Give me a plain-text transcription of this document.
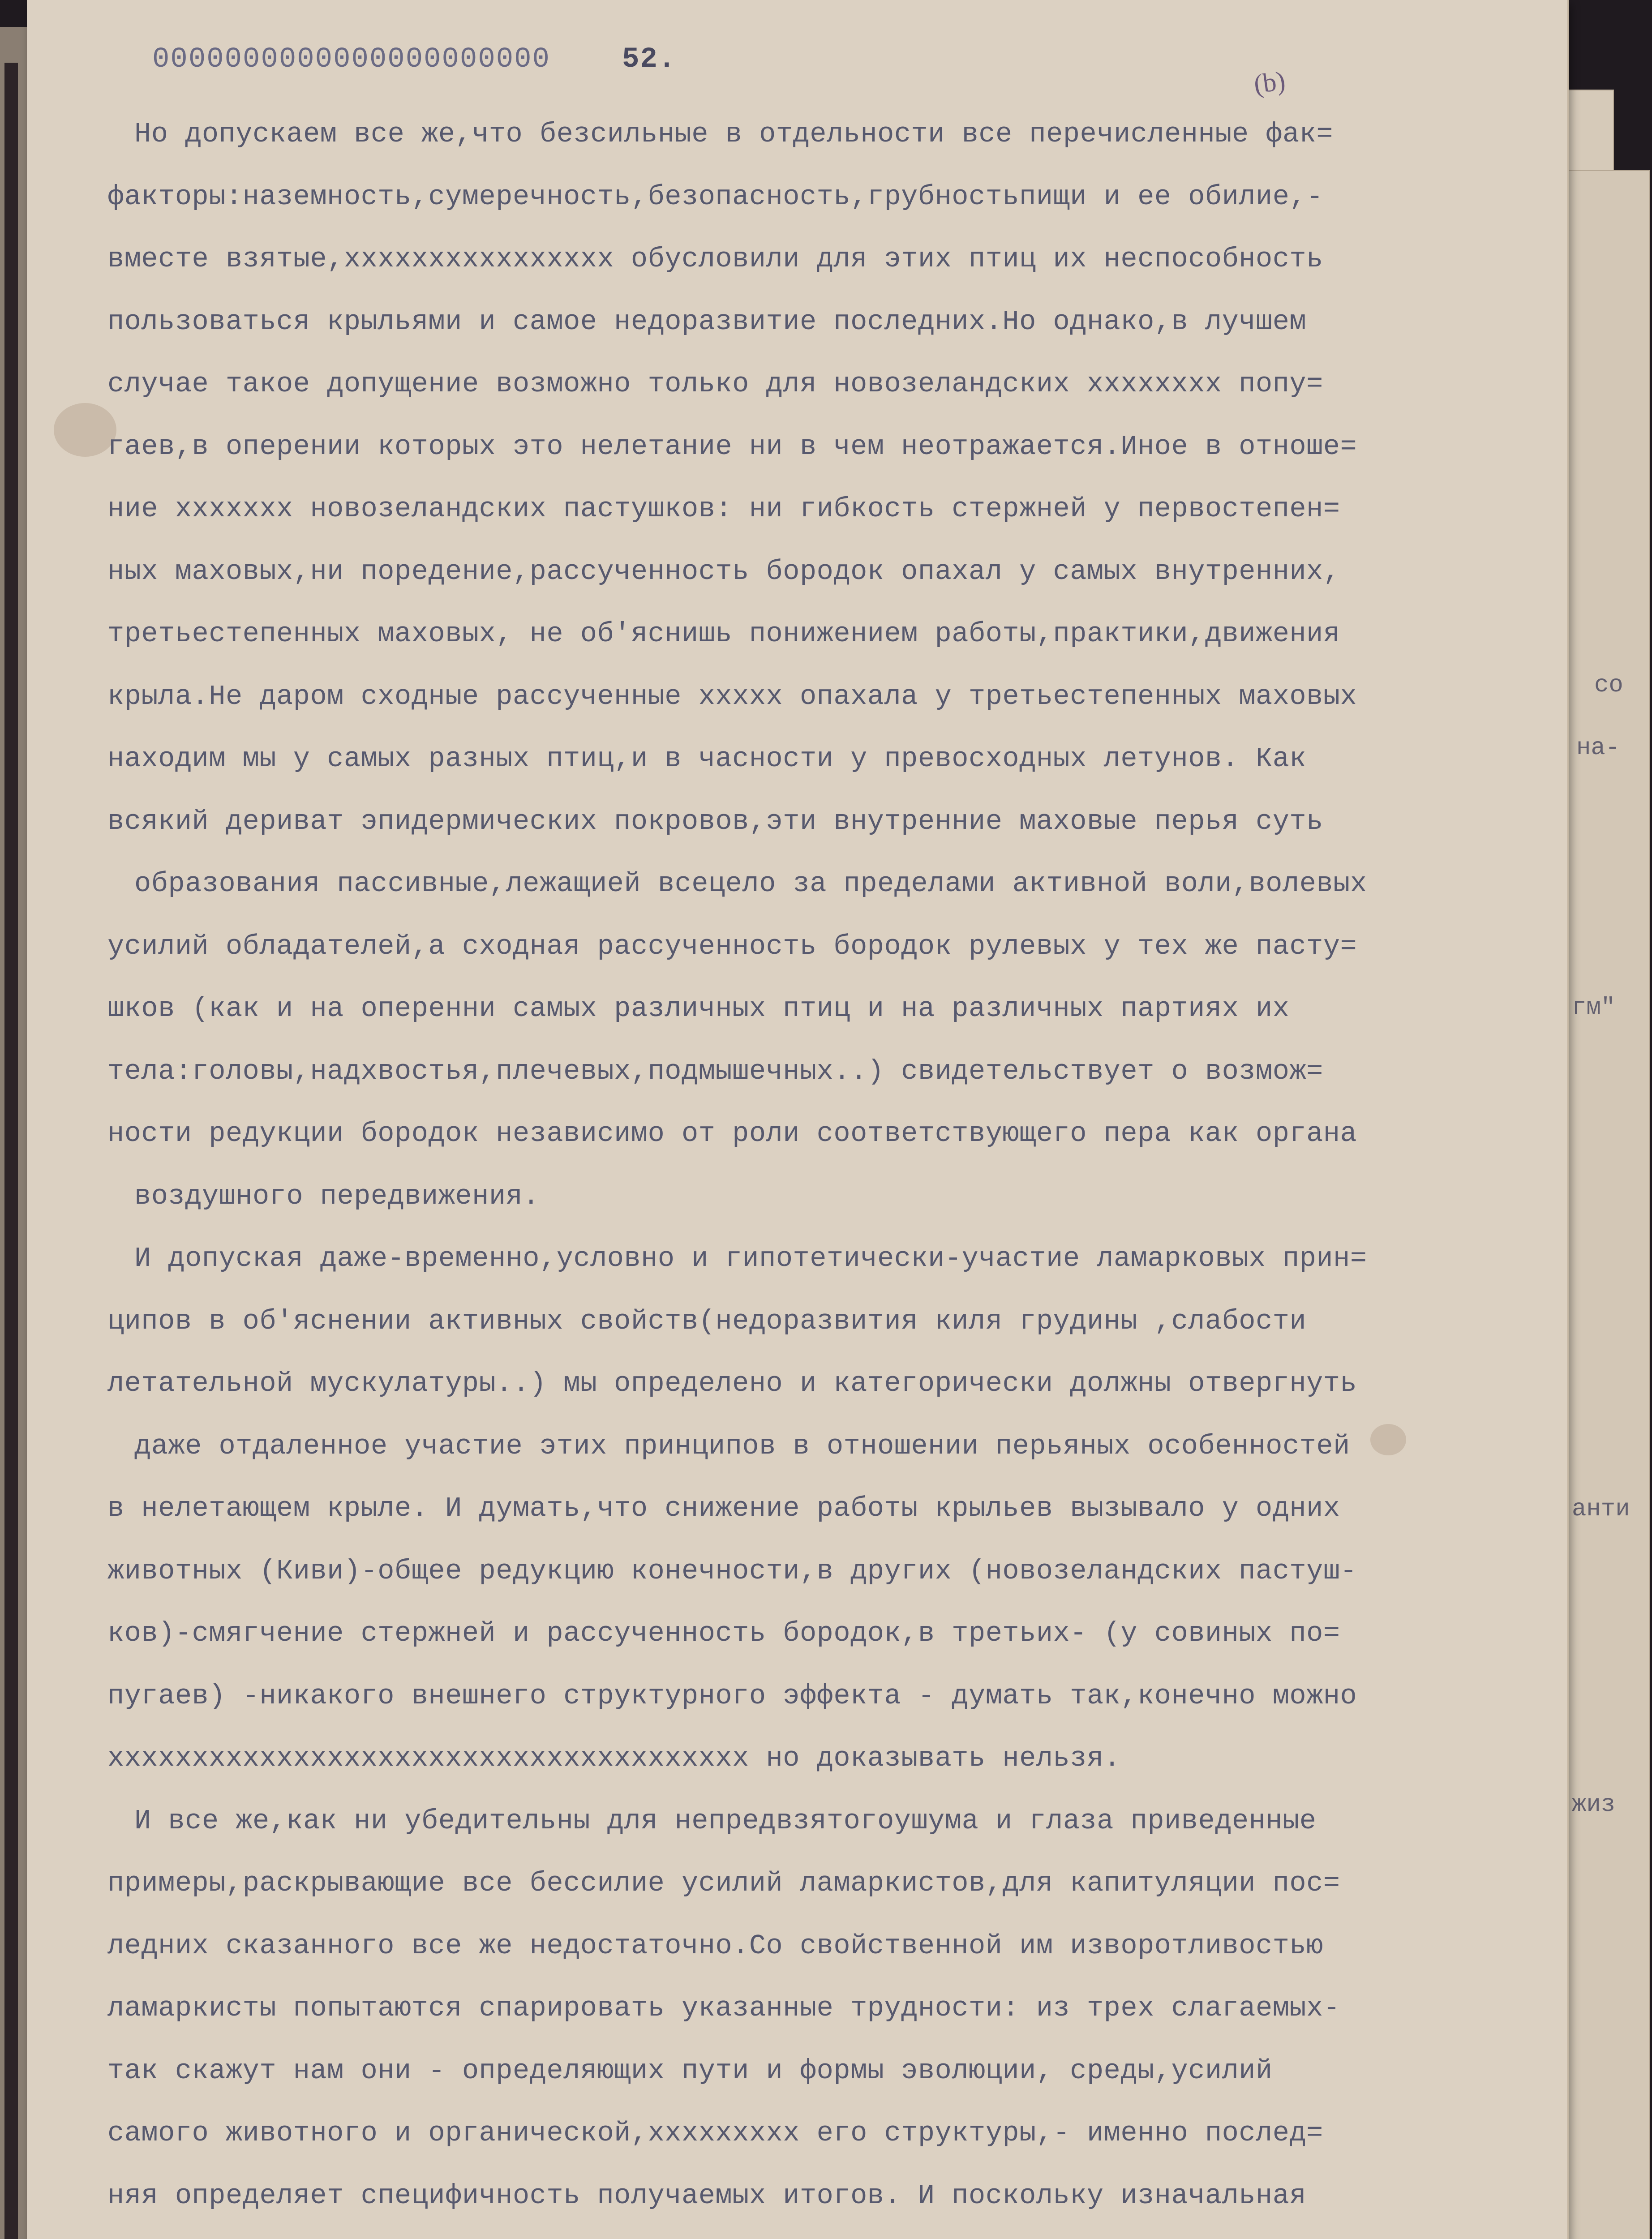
со
на-
гм"
анти
жиз
0000000000000000000000	52.
(b)
Но допускаем все же,что безсильные в отдельности все перечисленные фак=
факторы:наземность,сумеречность,безопасность,грубностьпищи и ее обилие,-
вместе взятые,xxxxxxxxxxxxxxxx обусловили для этих птиц их неспособность
пользоваться крыльями и самое недоразвитие последних.Но однако,в лучшем
случае такое допущение возможно только для новозеландских xxxxxxxx попу=
гаев,в оперении которых это нелетание ни в чем неотражается.Иное в отноше=
ние xxxxxxx новозеландских пастушков: ни гибкость стержней у первостепен=
ных маховых,ни поредение,рассученность бородок опахал у самых внутренних,
третьестепенных маховых, не об'яснишь понижением работы,практики,движения
крыла.Не даром сходные рассученные xxxxx опахала у третьестепенных маховых
находим мы у самых разных птиц,и в часности у превосходных летунов. Как
всякий дериват эпидермических покровов,эти внутренние маховые перья суть
образования пассивные,лежащией всецело за пределами активной воли,волевых
усилий обладателей,а сходная рассученность бородок рулевых у тех же пасту=
шков (как и на оперенни самых различных птиц и на различных партиях их
тела:головы,надхвостья,плечевых,подмышечных..) свидетельствует о возмож=
ности редукции бородок независимо от роли соответствующего пера как органа
воздушного передвижения.
И допуская даже-временно,условно и гипотетически-участие ламарковых прин=
ципов в об'яснении активных свойств(недоразвития киля грудины ,слабости
летательной мускулатуры..) мы определено и категорически должны отвергнуть
даже отдаленное участие этих принципов в отношении перьяных особенностей
в нелетающем крыле. И думать,что снижение работы крыльев вызывало у одних
животных (Киви)-общее редукцию конечности,в других (новозеландских пастуш-
ков)-смягчение стержней и рассученность бородок,в третьих- (у совиных по=
пугаев) -никакого внешнего структурного эффекта - думать так,конечно можно
xxxxxxxxxxxxxxxxxxxxxxxxxxxxxxxxxxxxxx но доказывать нельзя.
И все же,как ни убедительны для непредвзятогоушума и глаза приведенные
примеры,раскрывающие все бессилие усилий ламаркистов,для капитуляции пос=
ледних сказанного все же недостаточно.Со свойственной им изворотливостью
ламаркисты попытаются спарировать указанные трудности: из трех слагаемых-
так скажут нам они - определяющих пути и формы эволюции, среды,усилий
самого животного и органической,xxxxxxxxx его структуры,- именно послед=
няя определяет специфичность получаемых итогов. И поскольку изначальная
